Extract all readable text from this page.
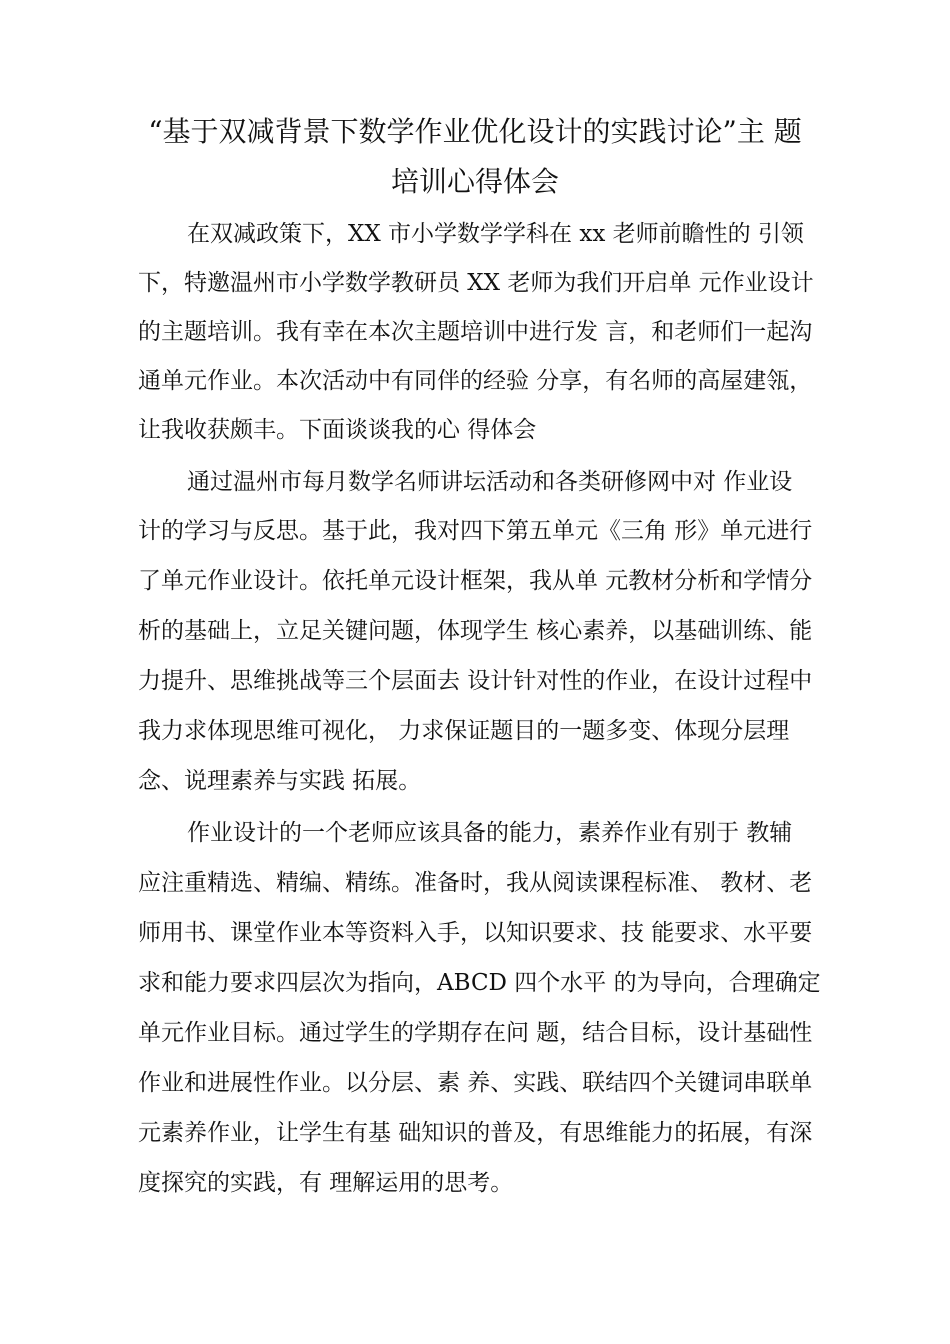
“基于双减背景下数学作业优化设计的实践讨论”主 题
培训心得体会

在双减政策下，XX 市小学数学学科在 xx 老师前瞻性的 引领

下，特邀温州市小学数学教研员 XX 老师为我们开启单 元作业设计

的主题培训。我有幸在本次主题培训中进行发 言，和老师们一起沟

通单元作业。本次活动中有同伴的经验 分享，有名师的高屋建瓴，

让我收获颇丰。下面谈谈我的心 得体会

通过温州市每月数学名师讲坛活动和各类研修网中对 作业设

计的学习与反思。基于此，我对四下第五单元《三角 形》单元进行

了单元作业设计。依托单元设计框架，我从单 元教材分析和学情分

析的基础上，立足关键问题，体现学生 核心素养，以基础训练、能

力提升、思维挑战等三个层面去 设计针对性的作业，在设计过程中

我力求体现思维可视化， 力求保证题目的一题多变、体现分层理

念、说理素养与实践 拓展。

作业设计的一个老师应该具备的能力，素养作业有别于 教辅

应注重精选、精编、精练。准备时，我从阅读课程标准、 教材、老

师用书、课堂作业本等资料入手，以知识要求、技 能要求、水平要

求和能力要求四层次为指向，ABCD 四个水平 的为导向，合理确定

单元作业目标。通过学生的学期存在问 题，结合目标，设计基础性

作业和进展性作业。以分层、素 养、实践、联结四个关键词串联单

元素养作业，让学生有基 础知识的普及，有思维能力的拓展，有深

度探究的实践，有 理解运用的思考。
